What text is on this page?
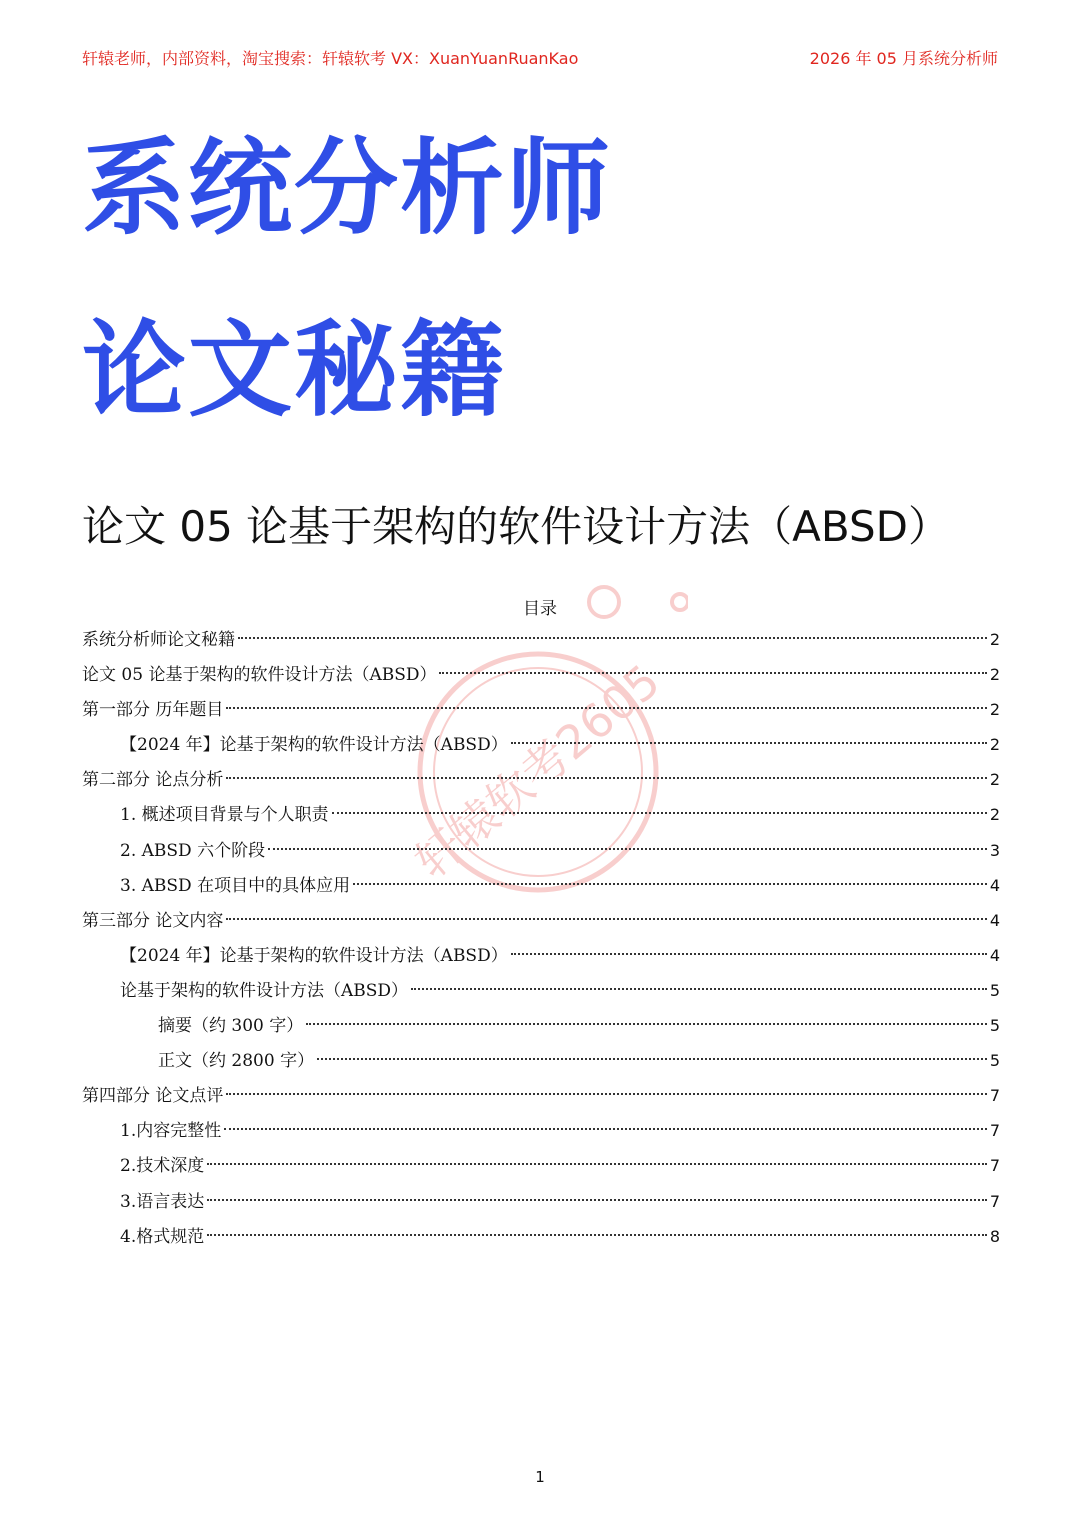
轩辕老师，内部资料，淘宝搜索：轩辕软考 VX：XuanYuanRuanKao	2026 年 05 月系统分析师
系统分析师
论文秘籍
论文 05 论基于架构的软件设计方法（ABSD）
轩辕软考2605
目录
系统分析师论文秘籍	2
论文 05 论基于架构的软件设计方法（ABSD）	2
第一部分 历年题目	2
【2024 年】论基于架构的软件设计方法（ABSD）	2
第二部分 论点分析	2
1. 概述项目背景与个人职责	2
2. ABSD 六个阶段	3
3. ABSD 在项目中的具体应用	4
第三部分 论文内容	4
【2024 年】论基于架构的软件设计方法（ABSD）	4
论基于架构的软件设计方法（ABSD）	5
摘要（约 300 字）	5
正文（约 2800 字）	5
第四部分 论文点评	7
1.内容完整性	7
2.技术深度	7
3.语言表达	7
4.格式规范	8
1
